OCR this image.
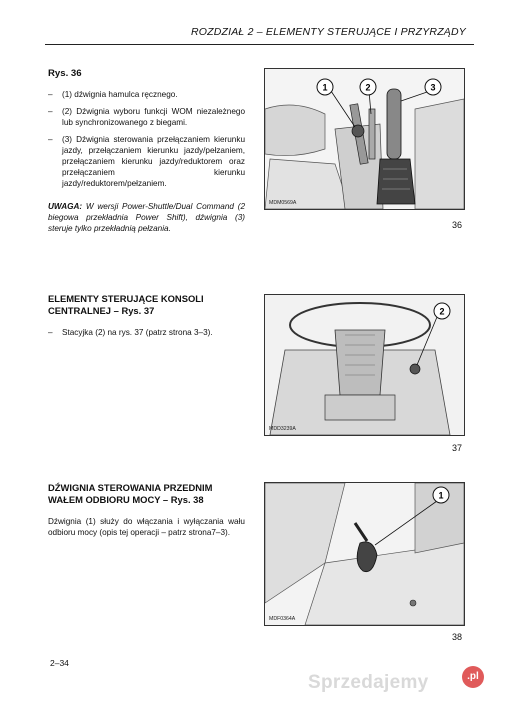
ROZDZIAŁ 2 – ELEMENTY STERUJĄCE I PRZYRZĄDY
Rys. 36
–	(1) dźwignia hamulca ręcznego.
–	(2) Dźwignia wyboru funkcji WOM niezależnego lub synchronizowanego z biegami.
–	(3) Dźwignia sterowania przełączaniem kierunku jazdy, przełączaniem kierunku jazdy/pełzaniem, przełączaniem kierunku jazdy/reduktorem oraz przełączaniem kierunku jazdy/reduktorem/pełzaniem.
UWAGA: W wersji Power-Shuttle/Dual Command (2 biegowa przekładnia Power Shift), dźwignia (3) steruje tylko przekładnią pełzania.
1	2	3
MDM0569A
36
ELEMENTY STERUJĄCE KONSOLI CENTRALNEJ – Rys. 37
–	Stacyjka (2) na rys. 37 (patrz strona 3–3).
2
MDD3239A
37
DŹWIGNIA STEROWANIA PRZEDNIM WAŁEM ODBIORU MOCY – Rys. 38
Dźwignia (1) służy do włączania i wyłączania wału odbioru mocy (opis tej operacji – patrz strona7–3).
1
MDF0364A
38
2–34
Sprzedajemy	.pl
